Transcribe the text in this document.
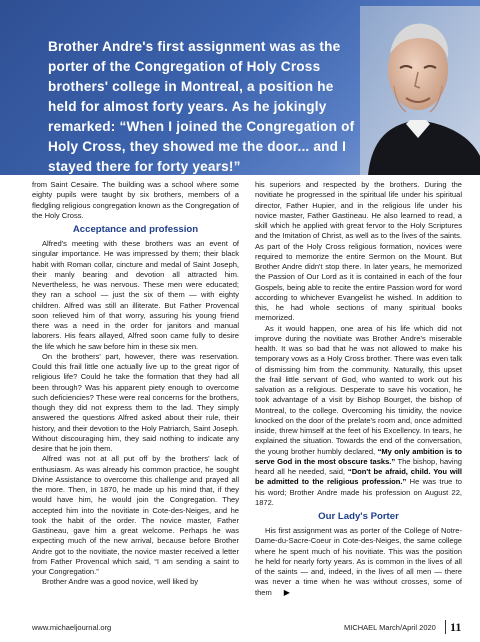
Brother Andre's first assignment was as the porter of the Congregation of Holy Cross brothers' college in Montreal, a position he held for almost forty years. As he jokingly remarked: “When I joined the Congregation of Holy Cross, they showed me the door... and I stayed there for forty years!”

from Saint Cesaire. The building was a school where some eighty pupils were taught by six brothers, members of a fledgling religious congregation known as the Congregation of the Holy Cross.

Acceptance and profession

Alfred's meeting with these brothers was an event of singular importance. He was impressed by them; their black habit with Roman collar, cincture and medal of Saint Joseph, their manly bearing and devotion all attracted him. Nevertheless, he was nervous. These men were educated; they ran a school — just the six of them — with eighty children. Alfred was still an illiterate. But Father Provencal soon relieved him of that worry, assuring his young friend there was a need in the order for janitors and manual laborers. His fears allayed, Alfred soon came fully to desire the life which he saw before him in these six men.

On the brothers' part, however, there was reservation. Could this frail little one actually live up to the great rigor of religious life? Could he take the formation that they had all been through? Was his apparent piety enough to overcome such deficiencies? These were real concerns for the brothers, though they did not express them to the lad. They simply answered the questions Alfred asked about their rule, their history, and their devotion to the Holy Patriarch, Saint Joseph. Without discouraging him, they said nothing to indicate any desire that he join them.

Alfred was not at all put off by the brothers' lack of enthusiasm. As was already his common practice, he sought Divine Assistance to overcome this challenge and prayed all the more. Then, in 1870, he made up his mind that, if they would have him, he would join the Congregation. They accepted him into the novitiate in Cote-des-Neiges, and he took the habit of the order. The novice master, Father Gastineau, gave him a great welcome. Perhaps he was expecting much of the new arrival, because before Brother Andre got to the novitiate, the novice master received a letter from Father Provencal which said, “I am sending a saint to your Congregation.”

Brother Andre was a good novice, well liked by

his superiors and respected by the brothers. During the novitiate he progressed in the spiritual life under his spiritual director, Father Hupier, and in the religious life under his novice master, Father Gastineau. He also learned to read, a skill which he applied with great fervor to the Holy Scriptures and the Imitation of Christ, as well as to the lives of the saints. As part of the Holy Cross religious formation, novices were required to memorize the entire Sermon on the Mount. But Brother Andre didn't stop there. In later years, he memorized the Passion of Our Lord as it is contained in each of the four Gospels, being able to recite the entire Passion word for word according to whichever Evangelist he wished. In addition to this, he had whole sections of many spiritual books memorized.

As it would happen, one area of his life which did not improve during the novitiate was Brother Andre's miserable health. It was so bad that he was not allowed to make his temporary vows as a Holy Cross brother. There was even talk of dismissing him from the community. Naturally, this upset the frail little servant of God, who wanted to work out his salvation as a religious. Desperate to save his vocation, he took advantage of a visit by Bishop Bourget, the bishop of Montreal, to the college. Overcoming his timidity, the novice knocked on the door of the prelate's room and, once admitted inside, threw himself at the feet of his Excellency. In tears, he explained the situation. Towards the end of the conversation, the young brother humbly declared, “My only ambition is to serve God in the most obscure tasks.” The bishop, having heard all he needed, said, “Don't be afraid, child. You will be admitted to the religious profession.” He was true to his word; Brother Andre made his profession on August 22, 1872.

Our Lady's Porter

His first assignment was as porter of the College of Notre-Dame-du-Sacre-Coeur in Cote-des-Neiges, the same college where he spent much of his novitiate. This was the position he held for nearly forty years. As is common in the lives of all of the saints — and, indeed, in the lives of all men — there was never a time when he was without crosses, some of them ▶

www.michaeljournal.org	MICHAEL March/April 2020 11
